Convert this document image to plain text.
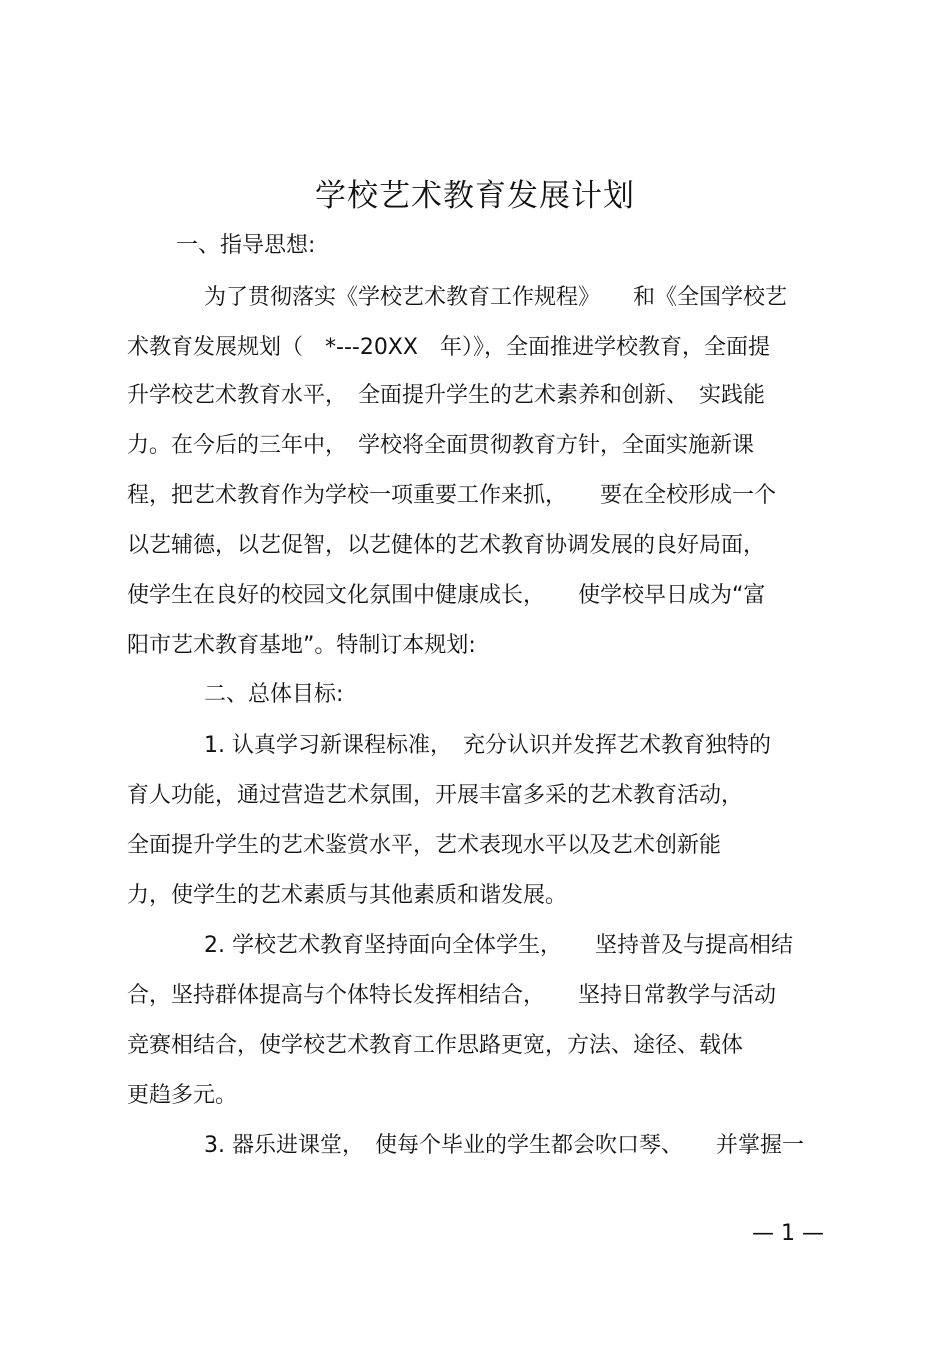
学校艺术教育发展计划
一、指导思想:
为了贯彻落实《学校艺术教育工作规程》　　和《全国学校艺
术教育发展规划（　*---20XX　年）》，全面推进学校教育，全面提
升学校艺术教育水平，　全面提升学生的艺术素养和创新、　实践能
力。在今后的三年中，　学校将全面贯彻教育方针，全面实施新课
程，把艺术教育作为学校一项重要工作来抓，　　要在全校形成一个
以艺辅德，以艺促智，以艺健体的艺术教育协调发展的良好局面，
使学生在良好的校园文化氛围中健康成长，　　使学校早日成为“富
阳市艺术教育基地”。特制订本规划:
二、总体目标:
1. 认真学习新课程标准，　充分认识并发挥艺术教育独特的
育人功能，通过营造艺术氛围，开展丰富多采的艺术教育活动，
全面提升学生的艺术鉴赏水平，艺术表现水平以及艺术创新能
力，使学生的艺术素质与其他素质和谐发展。
2. 学校艺术教育坚持面向全体学生，　　坚持普及与提高相结
合，坚持群体提高与个体特长发挥相结合，　　坚持日常教学与活动
竞赛相结合，使学校艺术教育工作思路更宽，方法、途径、载体
更趋多元。
3. 器乐进课堂，　使每个毕业的学生都会吹口琴、　　并掌握一
— 1 —
